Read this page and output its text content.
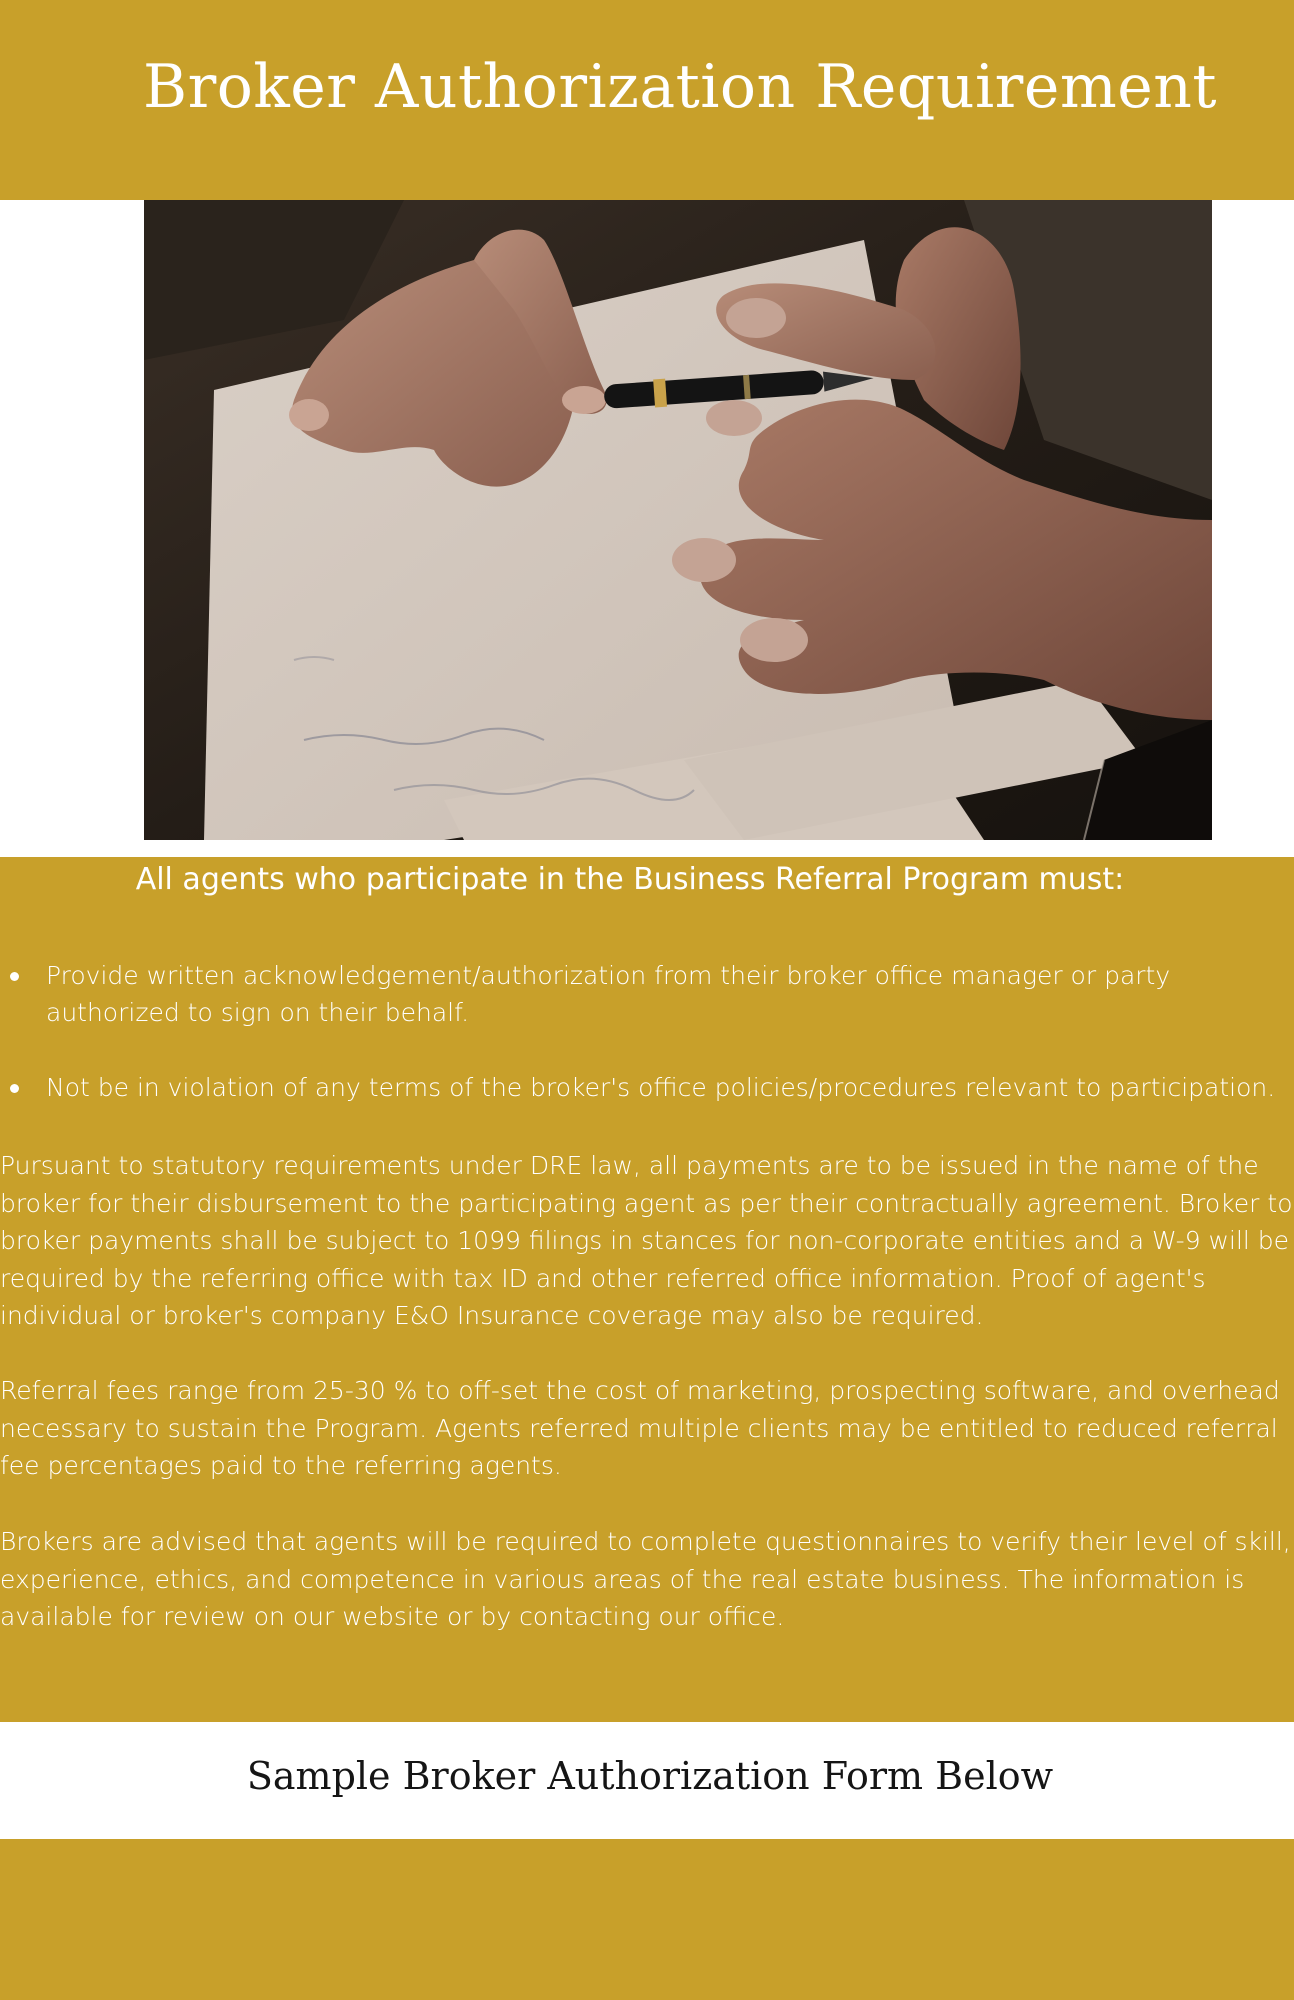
Broker Authorization Requirement

All agents who participate in the Business Referral Program must:

Provide written acknowledgement/authorization from their broker office manager or party authorized to sign on their behalf.
Not be in violation of any terms of the broker's office policies/procedures relevant to participation.

Pursuant to statutory requirements under DRE law, all payments are to be issued in the name of the broker for their disbursement to the participating agent as per their contractually agreement. Broker to broker payments shall be subject to 1099 filings in stances for non-corporate entities and a W-9 will be required by the referring office with tax ID and other referred office information. Proof of agent's individual or broker's company E&O Insurance coverage may also be required.

Referral fees range from 25-30 % to off-set the cost of marketing, prospecting software, and overhead necessary to sustain the Program. Agents referred multiple clients may be entitled to reduced referral fee percentages paid to the referring agents.

Brokers are advised that agents will be required to complete questionnaires to verify their level of skill, experience, ethics, and competence in various areas of the real estate business. The information is available for review on our website or by contacting our office.

Sample Broker Authorization Form Below
